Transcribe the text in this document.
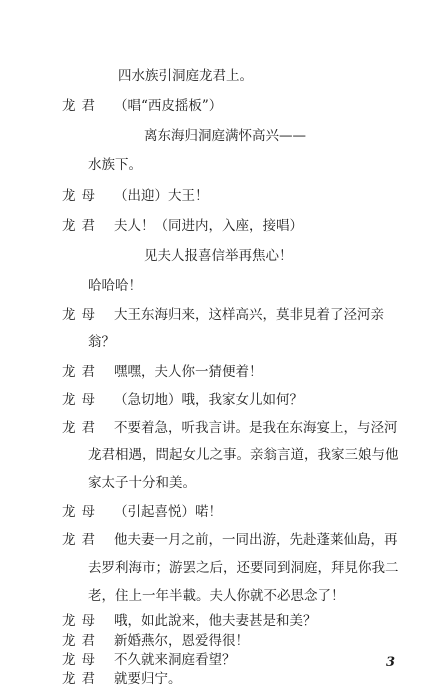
四水族引洞庭龙君上。
龙君 （唱“西皮摇板”）
离东海归洞庭满怀高兴——
水族下。
龙母 （出迎）大王！
龙君 夫人！（同进内，入座，接唱）
见夫人报喜信举再焦心！
哈哈哈！
龙母 大王东海归来，这样高兴，莫非見着了泾河亲
翁？
龙君 嘿嘿，夫人你一猜便着！
龙母 （急切地）哦，我家女儿如何？
龙君 不要着急，听我言讲。是我在东海宴上，与泾河
龙君相遇，問起女儿之事。亲翁言道，我家三娘与他
家太子十分和美。
龙母 （引起喜悦）喏！
龙君 他夫妻一月之前，一同出游，先赴蓬莱仙島，再
去罗利海市；游罢之后，还要同到洞庭，拜見你我二
老，住上一年半載。夫人你就不必思念了！
龙母 哦，如此說来，他夫妻甚是和美？
龙君 新婚燕尔，恩爱得很！
龙母 不久就来洞庭看望？
龙君 就要归宁。
3
